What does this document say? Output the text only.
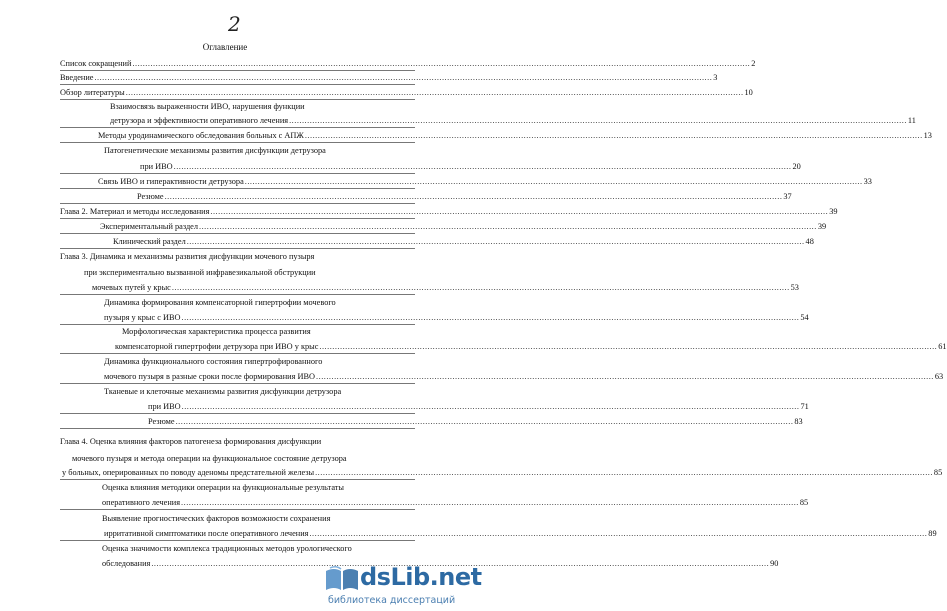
2
Оглавление
Список сокращений .....	2
Введение .....	3
Обзор литературы .....	10
Взаимосвязь выраженности ИВО, нарушения функции
детрузора и эффективности оперативного лечения .....	11
Методы уродинамического обследования больных с АПЖ .....	13
Патогенетические механизмы развития дисфункции детрузора
при ИВО .....	20
Связь ИВО и гиперактивности детрузора .....	33
Резюме .....	37
Глава 2. Материал и методы исследования .....	39
Экспериментальный раздел .....	39
Клинический раздел .....	48
Глава 3. Динамика и механизмы развития дисфункции мочевого пузыря
при экспериментально вызванной инфравезикальной обструкции
мочевых путей у крыс .....	53
Динамика формирования компенсаторной гипертрофии мочевого
пузыря у крыс с ИВО .....	54
Морфологическая характеристика процесса развития
компенсаторной гипертрофии детрузора при ИВО у крыс .....	61
Динамика функционального состояния гипертрофированного
мочевого пузыря в разные сроки после формирования ИВО .....	63
Тканевые и клеточные механизмы развития дисфункции детрузора
при ИВО .....	71
Резюме .....	83
Глава 4. Оценка влияния факторов патогенеза формирования дисфункции
мочевого пузыря и метода операции на функциональное состояние детрузора
у больных, оперированных по поводу аденомы предстательной железы .....	85
Оценка влияния методики операции на функциональные результаты
оперативного лечения .....	85
Выявление прогностических факторов возможности сохранения
ирритативной симптоматики после оперативного лечения .....	89
Оценка значимости комплекса традиционных методов урологического
обследования .....	90
dsLib.net
библиотека диссертаций
